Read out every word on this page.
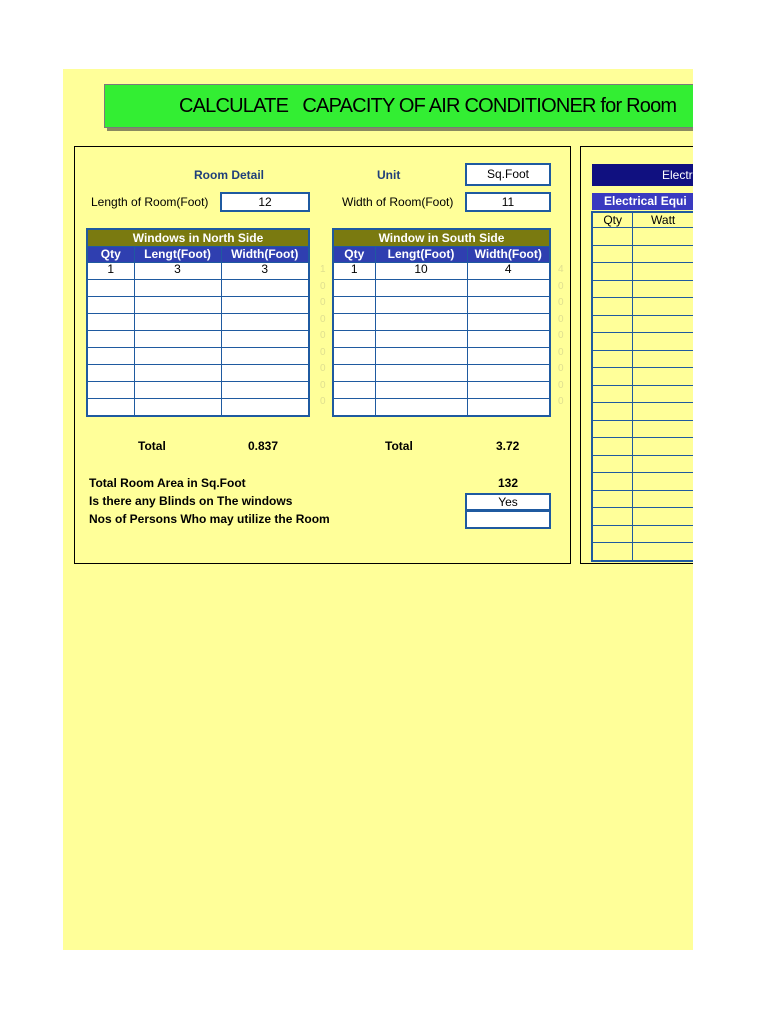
CALCULATE   CAPACITY OF AIR CONDITIONER for Room
Room Detail	Unit	Sq.Foot
Length of Room(Foot)	12	Width of Room(Foot)	11
Windows in North Side		
Qty	Lengt(Foot)	Width(Foot)
1	3	3

Window in South Side		
Qty	Lengt(Foot)	Width(Foot)
1	10	4

1
0
0
0
0
0
0
0
0
4
0
0
0
0
0
0
0
0
Total	0.837	Total	3.72
Total Room Area in Sq.Foot	132
Is there any Blinds on The windows	Yes
Nos of Persons Who may utilize the Room
Electr
Electrical Equi
Qty	Watt
